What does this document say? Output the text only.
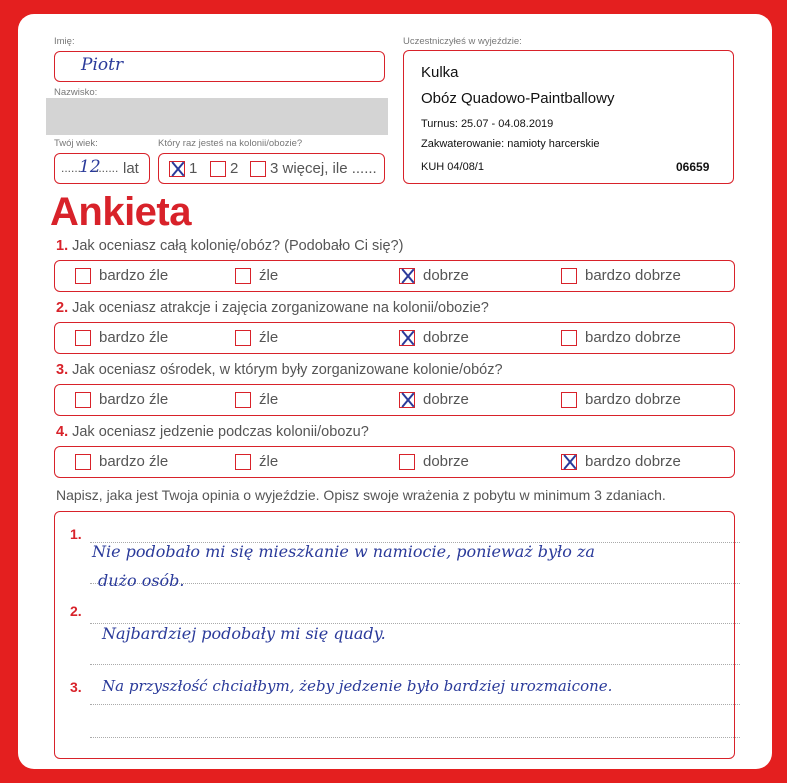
Imię:
Piotr
Nazwisko:
Twój wiek:
......
12
....... lat
Który raz jesteś na kolonii/obozie?
1 2 3 więcej, ile ......
Uczestniczyłeś w wyjeździe:
Kulka
Obóz Quadowo-Paintballowy
Turnus: 25.07 - 04.08.2019
Zakwaterowanie: namioty harcerskie
KUH 04/08/1	06659
Ankieta
1. Jak oceniasz całą kolonię/obóz? (Podobało Ci się?)
bardzo źle	źle	dobrze	bardzo dobrze
2. Jak oceniasz atrakcje i zajęcia zorganizowane na kolonii/obozie?
bardzo źle	źle	dobrze	bardzo dobrze
3. Jak oceniasz ośrodek, w którym były zorganizowane kolonie/obóz?
bardzo źle	źle	dobrze	bardzo dobrze
4. Jak oceniasz jedzenie podczas kolonii/obozu?
bardzo źle	źle	dobrze	bardzo dobrze
Napisz, jaka jest Twoja opinia o wyjeździe. Opisz swoje wrażenia z pobytu w minimum 3 zdaniach.
1.
2.
3.
Nie podobało mi się mieszkanie w namiocie, ponieważ było za
dużo osób.
Najbardziej podobały mi się quady.
Na przyszłość chciałbym, żeby jedzenie było bardziej urozmaicone.
